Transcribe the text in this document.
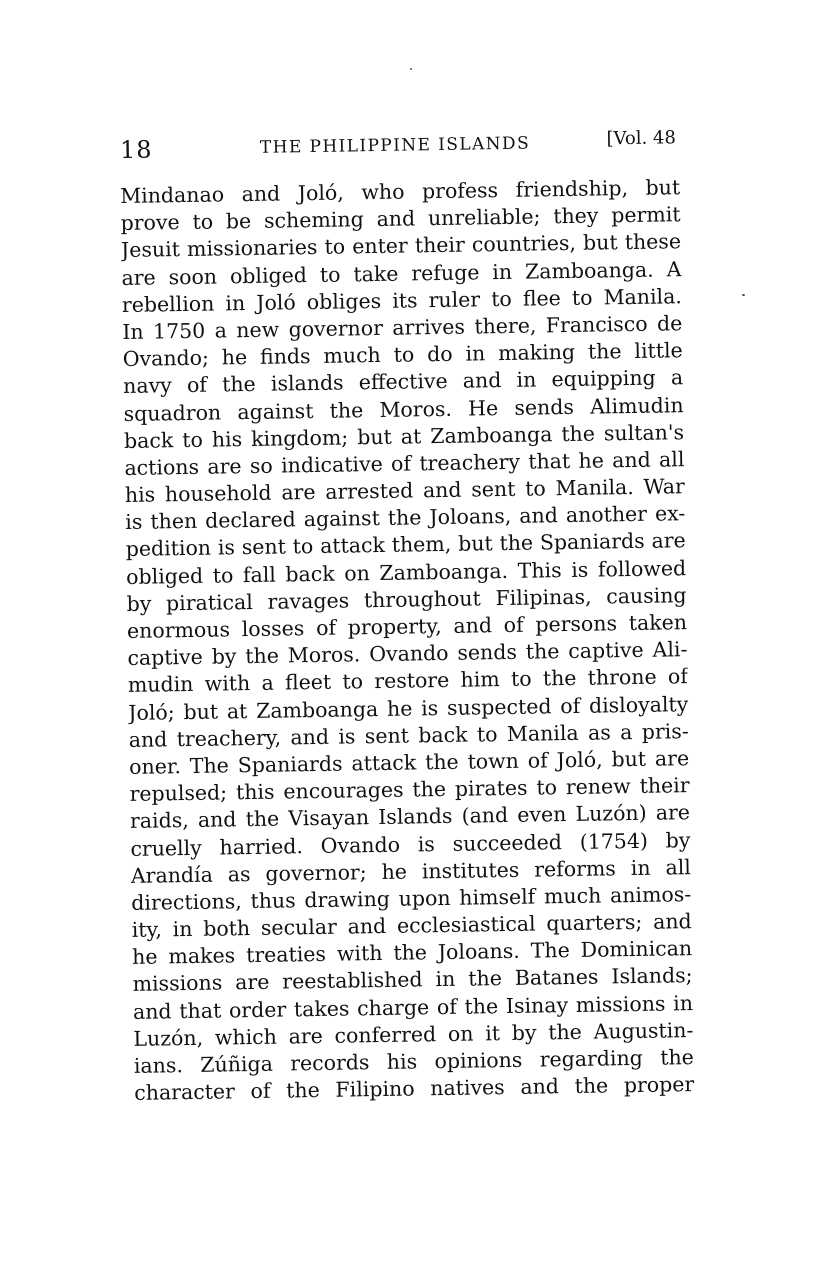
18	THE PHILIPPINE ISLANDS	[Vol. 48
Mindanao and Joló, who profess friendship, but
prove to be scheming and unreliable; they permit
Jesuit missionaries to enter their countries, but these
are soon obliged to take refuge in Zamboanga. A
rebellion in Joló obliges its ruler to flee to Manila.
In 1750 a new governor arrives there, Francisco de
Ovando; he finds much to do in making the little
navy of the islands effective and in equipping a
squadron against the Moros. He sends Alimudin
back to his kingdom; but at Zamboanga the sultan's
actions are so indicative of treachery that he and all
his household are arrested and sent to Manila. War
is then declared against the Joloans, and another ex-
pedition is sent to attack them, but the Spaniards are
obliged to fall back on Zamboanga. This is followed
by piratical ravages throughout Filipinas, causing
enormous losses of property, and of persons taken
captive by the Moros. Ovando sends the captive Ali-
mudin with a fleet to restore him to the throne of
Joló; but at Zamboanga he is suspected of disloyalty
and treachery, and is sent back to Manila as a pris-
oner. The Spaniards attack the town of Joló, but are
repulsed; this encourages the pirates to renew their
raids, and the Visayan Islands (and even Luzón) are
cruelly harried. Ovando is succeeded (1754) by
Arandía as governor; he institutes reforms in all
directions, thus drawing upon himself much animos-
ity, in both secular and ecclesiastical quarters; and
he makes treaties with the Joloans. The Dominican
missions are reestablished in the Batanes Islands;
and that order takes charge of the Isinay missions in
Luzón, which are conferred on it by the Augustin-
ians. Zúñiga records his opinions regarding the
character of the Filipino natives and the proper
